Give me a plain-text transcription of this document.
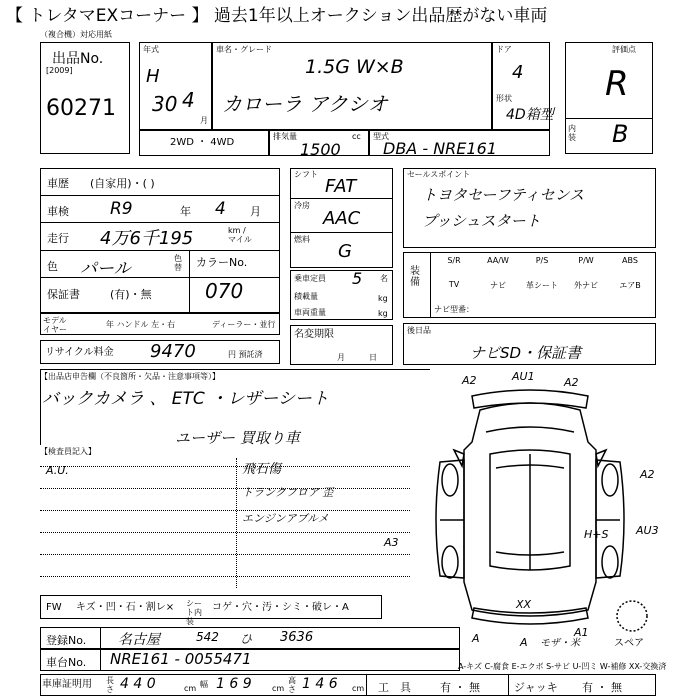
【 トレタマEXコーナー 】 過去1年以上オークション出品歴がない車両
（複合機）対応用紙
出品No.
[2009]
60271
年式
H
30 4
月
車名・グレード
1.5G W×B
カローラ アクシオ
ドア
4
形状
4D箱型
評価点
R
内装 B
2WD ・ 4WD
排気量	cc
1500
型式
DBA - NRE161
車歴 (自家用)・( )
車検 R9	年 4 月
走行 4万6千195	km / マイル
色 パール
色替 カラーNo.
保証書	(有)・無	070
モデルイヤー
年 ハンドル 左・右	ディーラー・並行
リサイクル料金 9470	円 預託済
シフト
FAT
冷房
AAC
燃料
G
乗車定員 5 名
積載量	kg
車両重量	kg
名変期限
月　　　日
セールスポイント
トヨタセーフティセンス
プッシュスタート
装備
S/R	AA/W	P/S	P/W	ABS
TV	ナビ	革シート	外ナビ	エアB
ナビ型番：
後日品
ナビSD・保証書
【出品店申告欄（不良箇所・欠品・注意事項等）】
バックカメラ 、 ETC ・レザーシート
ユーザー 買取り車
【検査員記入】
A.U.	飛石傷
トランクフロア 歪
エンジンアブルメ
A2	AU1	A2
A2
A3
AU3
H+S
A	A
A1
モザ・米
XX
スペア
FW キズ・凹・石・割レ× シート内装
コゲ・穴・汚・シミ・破レ・A
登録No. 名古屋	542 ひ 3636
車台No. NRE161 - 0055471	A-キズ C-腐食 E-エクボ S-サビ U-凹ミ W-補修 XX-交換済
車庫証明用 長さ 4 4 0	cm 幅 1 6 9	cm
高さ 1 4 6 cm 工　具	有 ・ 無	ジャッキ 有 ・ 無
